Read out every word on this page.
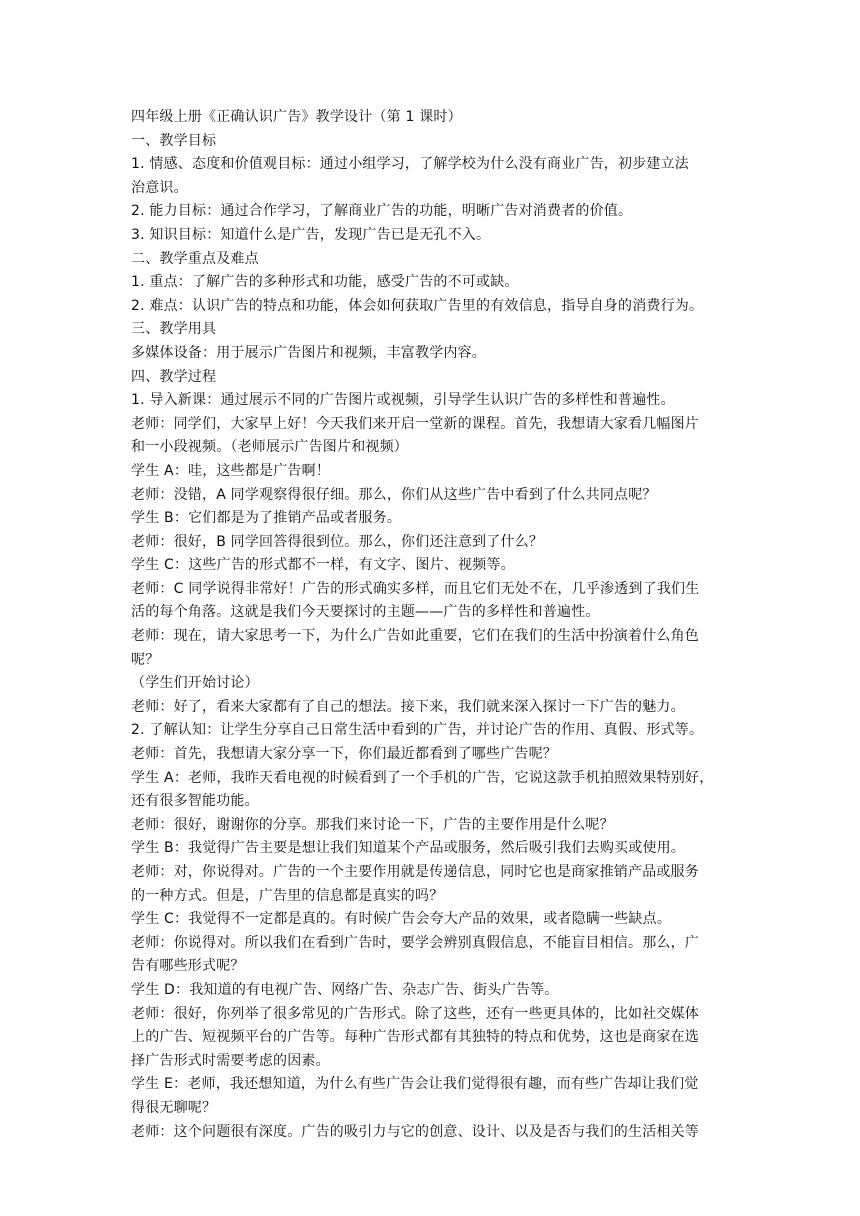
四年级上册《正确认识广告》教学设计（第 1 课时）
一、教学目标
1. 情感、态度和价值观目标：通过小组学习，了解学校为什么没有商业广告，初步建立法
治意识。
2. 能力目标：通过合作学习，了解商业广告的功能，明晰广告对消费者的价值。
3. 知识目标：知道什么是广告，发现广告已是无孔不入。
二、教学重点及难点
1. 重点：了解广告的多种形式和功能，感受广告的不可或缺。
2. 难点：认识广告的特点和功能，体会如何获取广告里的有效信息，指导自身的消费行为。
三、教学用具
多媒体设备：用于展示广告图片和视频，丰富教学内容。
四、教学过程
1. 导入新课：通过展示不同的广告图片或视频，引导学生认识广告的多样性和普遍性。
老师：同学们，大家早上好！今天我们来开启一堂新的课程。首先，我想请大家看几幅图片
和一小段视频。（老师展示广告图片和视频）
学生 A：哇，这些都是广告啊！
老师：没错，A 同学观察得很仔细。那么，你们从这些广告中看到了什么共同点呢？
学生 B：它们都是为了推销产品或者服务。
老师：很好，B 同学回答得很到位。那么，你们还注意到了什么？
学生 C：这些广告的形式都不一样，有文字、图片、视频等。
老师：C 同学说得非常好！广告的形式确实多样，而且它们无处不在，几乎渗透到了我们生
活的每个角落。这就是我们今天要探讨的主题——广告的多样性和普遍性。
老师：现在，请大家思考一下，为什么广告如此重要，它们在我们的生活中扮演着什么角色
呢？
（学生们开始讨论）
老师：好了，看来大家都有了自己的想法。接下来，我们就来深入探讨一下广告的魅力。
2. 了解认知：让学生分享自己日常生活中看到的广告，并讨论广告的作用、真假、形式等。
老师：首先，我想请大家分享一下，你们最近都看到了哪些广告呢？
学生 A：老师，我昨天看电视的时候看到了一个手机的广告，它说这款手机拍照效果特别好，
还有很多智能功能。
老师：很好，谢谢你的分享。那我们来讨论一下，广告的主要作用是什么呢？
学生 B：我觉得广告主要是想让我们知道某个产品或服务，然后吸引我们去购买或使用。
老师：对，你说得对。广告的一个主要作用就是传递信息，同时它也是商家推销产品或服务
的一种方式。但是，广告里的信息都是真实的吗？
学生 C：我觉得不一定都是真的。有时候广告会夸大产品的效果，或者隐瞒一些缺点。
老师：你说得对。所以我们在看到广告时，要学会辨别真假信息，不能盲目相信。那么，广
告有哪些形式呢？
学生 D：我知道的有电视广告、网络广告、杂志广告、街头广告等。
老师：很好，你列举了很多常见的广告形式。除了这些，还有一些更具体的，比如社交媒体
上的广告、短视频平台的广告等。每种广告形式都有其独特的特点和优势，这也是商家在选
择广告形式时需要考虑的因素。
学生 E：老师，我还想知道，为什么有些广告会让我们觉得很有趣，而有些广告却让我们觉
得很无聊呢？
老师：这个问题很有深度。广告的吸引力与它的创意、设计、以及是否与我们的生活相关等
